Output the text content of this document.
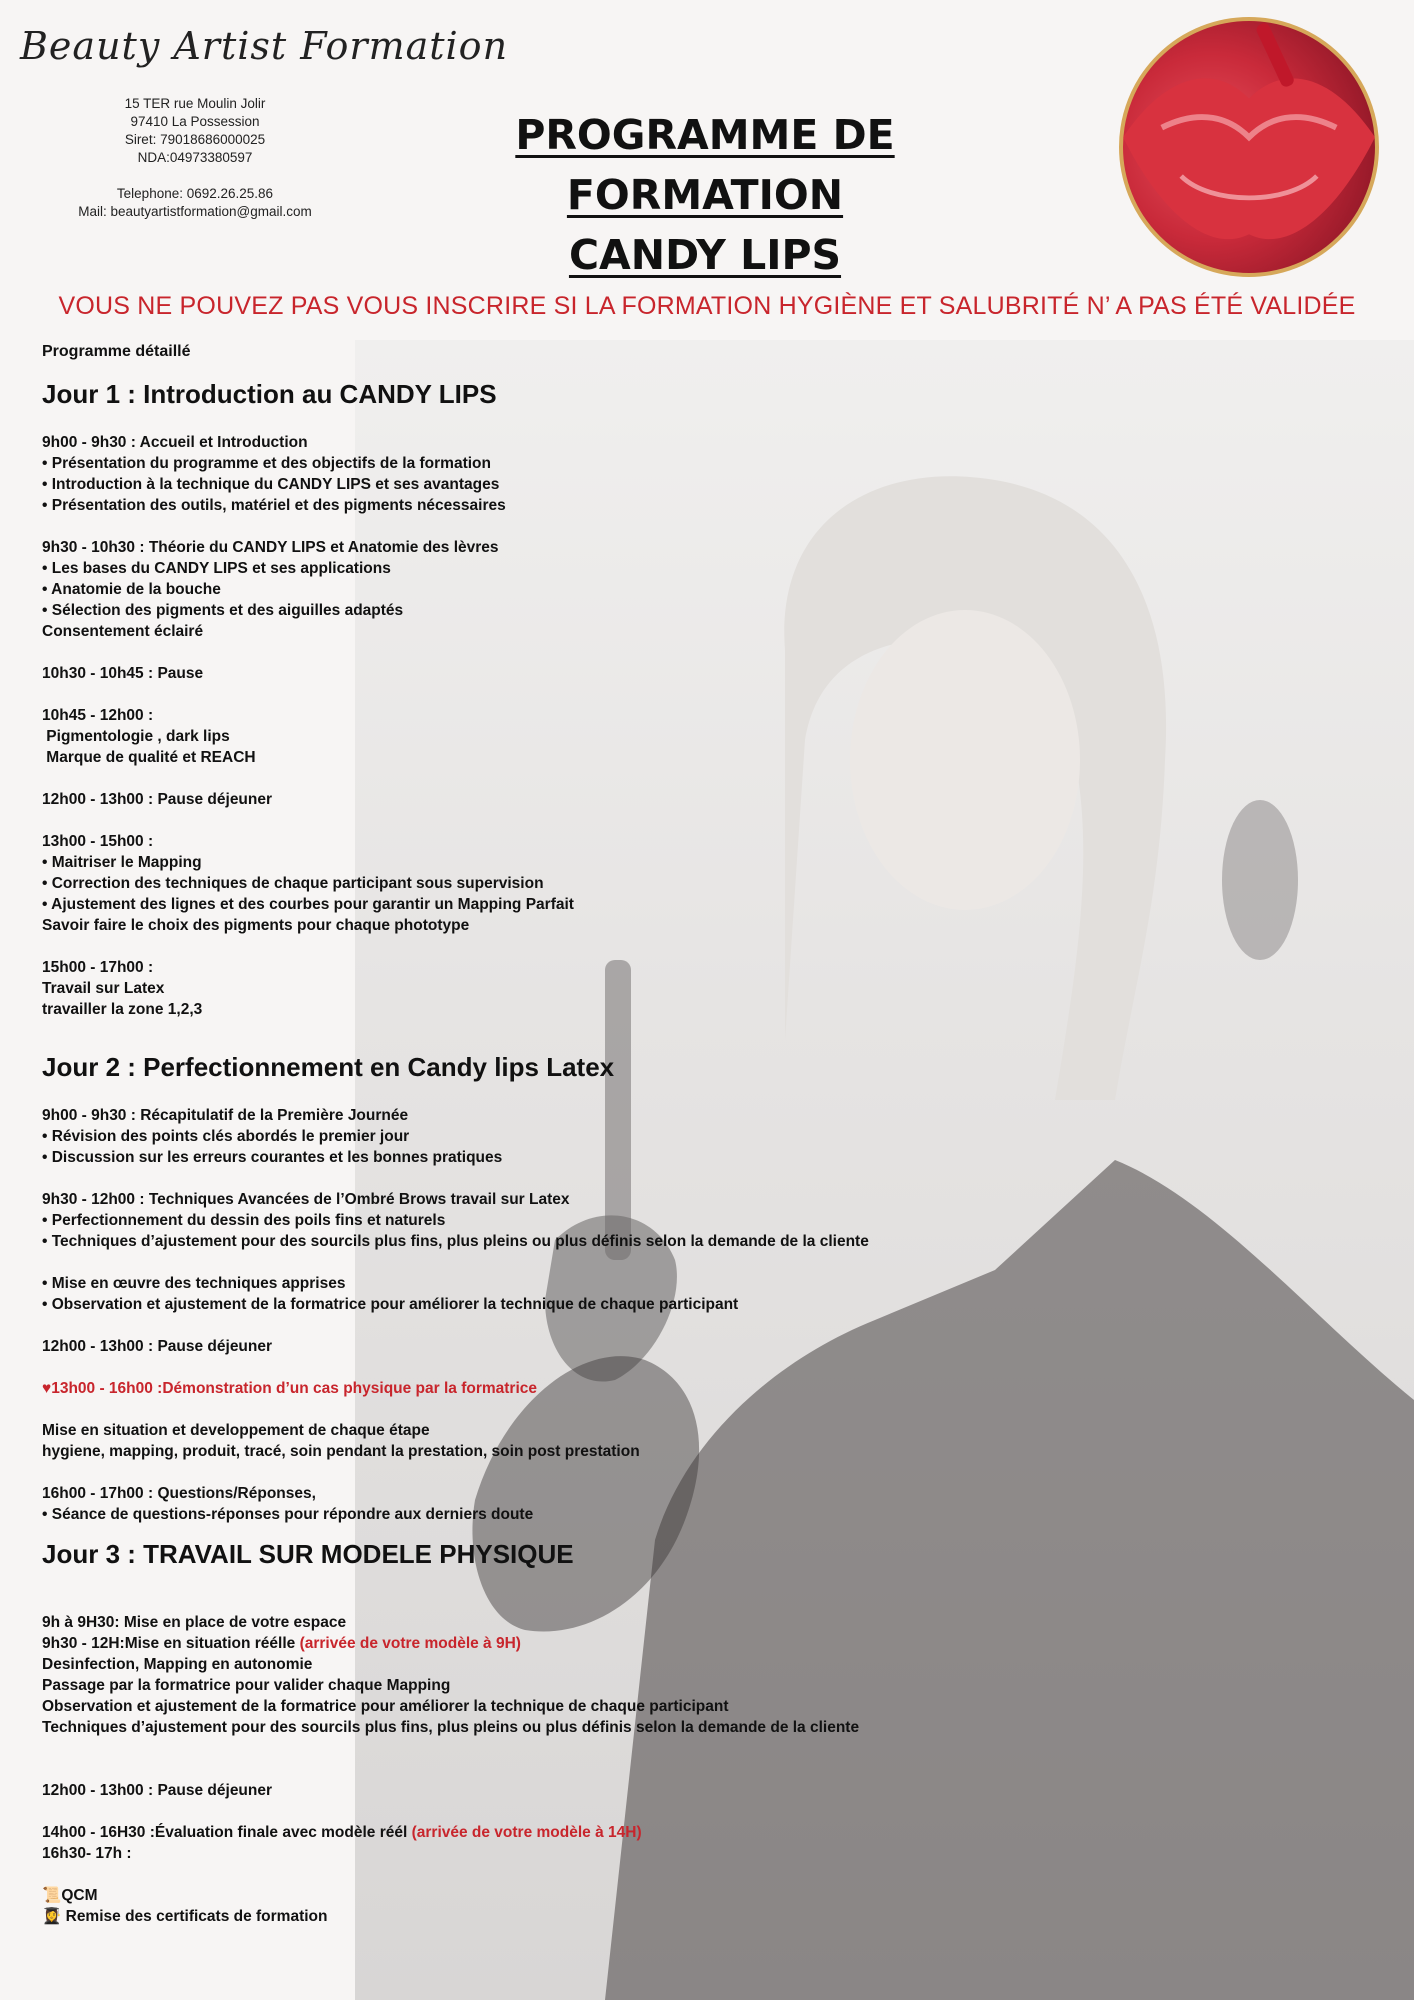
Beauty Artist Formation
15 TER rue Moulin Jolir
97410 La Possession
Siret: 79018686000025
NDA:04973380597
Telephone: 0692.26.25.86
Mail: beautyartistformation@gmail.com
PROGRAMME DE FORMATION
CANDY LIPS
VOUS NE POUVEZ PAS VOUS INSCRIRE SI LA FORMATION HYGIÈNE ET SALUBRITÉ N’ A PAS ÉTÉ VALIDÉE
Programme détaillé
Jour 1 : Introduction au CANDY LIPS
9h00 - 9h30 : Accueil et Introduction
• Présentation du programme et des objectifs de la formation
• Introduction à la technique du CANDY LIPS et ses avantages
• Présentation des outils, matériel et des pigments nécessaires
9h30 - 10h30 : Théorie du CANDY LIPS et Anatomie des lèvres
• Les bases du CANDY LIPS et ses applications
• Anatomie de la bouche
• Sélection des pigments et des aiguilles adaptés
Consentement éclairé
10h30 - 10h45 : Pause
10h45 - 12h00 :
Pigmentologie , dark lips
Marque de qualité et REACH
12h00 - 13h00 : Pause déjeuner
13h00 - 15h00 :
• Maitriser le Mapping
• Correction des techniques de chaque participant sous supervision
• Ajustement des lignes et des courbes pour garantir un Mapping Parfait
Savoir faire le choix des pigments pour chaque phototype
15h00 - 17h00 :
Travail sur Latex
travailler la zone 1,2,3
Jour 2 : Perfectionnement en Candy lips Latex
9h00 - 9h30 : Récapitulatif de la Première Journée
• Révision des points clés abordés le premier jour
• Discussion sur les erreurs courantes et les bonnes pratiques
9h30 - 12h00 : Techniques Avancées de l’Ombré Brows travail sur Latex
• Perfectionnement du dessin des poils fins et naturels
• Techniques d’ajustement pour des sourcils plus fins, plus pleins ou plus définis selon la demande de la cliente
• Mise en œuvre des techniques apprises
• Observation et ajustement de la formatrice pour améliorer la technique de chaque participant
12h00 - 13h00 : Pause déjeuner
♥13h00 - 16h00 :Démonstration d’un cas physique par la formatrice
Mise en situation et developpement de chaque étape
hygiene, mapping, produit, tracé, soin pendant la prestation, soin post prestation
16h00 - 17h00 : Questions/Réponses,
• Séance de questions-réponses pour répondre aux derniers doute
Jour 3 : TRAVAIL SUR MODELE PHYSIQUE
9h à 9H30: Mise en place de votre espace
9h30 - 12H:Mise en situation réélle (arrivée de votre modèle à 9H)
Desinfection, Mapping en autonomie
Passage par la formatrice pour valider chaque Mapping
Observation et ajustement de la formatrice pour améliorer la technique de chaque participant
Techniques d’ajustement pour des sourcils plus fins, plus pleins ou plus définis selon la demande de la cliente
12h00 - 13h00 : Pause déjeuner
14h00 - 16H30 :Évaluation finale avec modèle réél (arrivée de votre modèle à 14H)
16h30- 17h :
📜QCM
👩‍🎓 Remise des certificats de formation
